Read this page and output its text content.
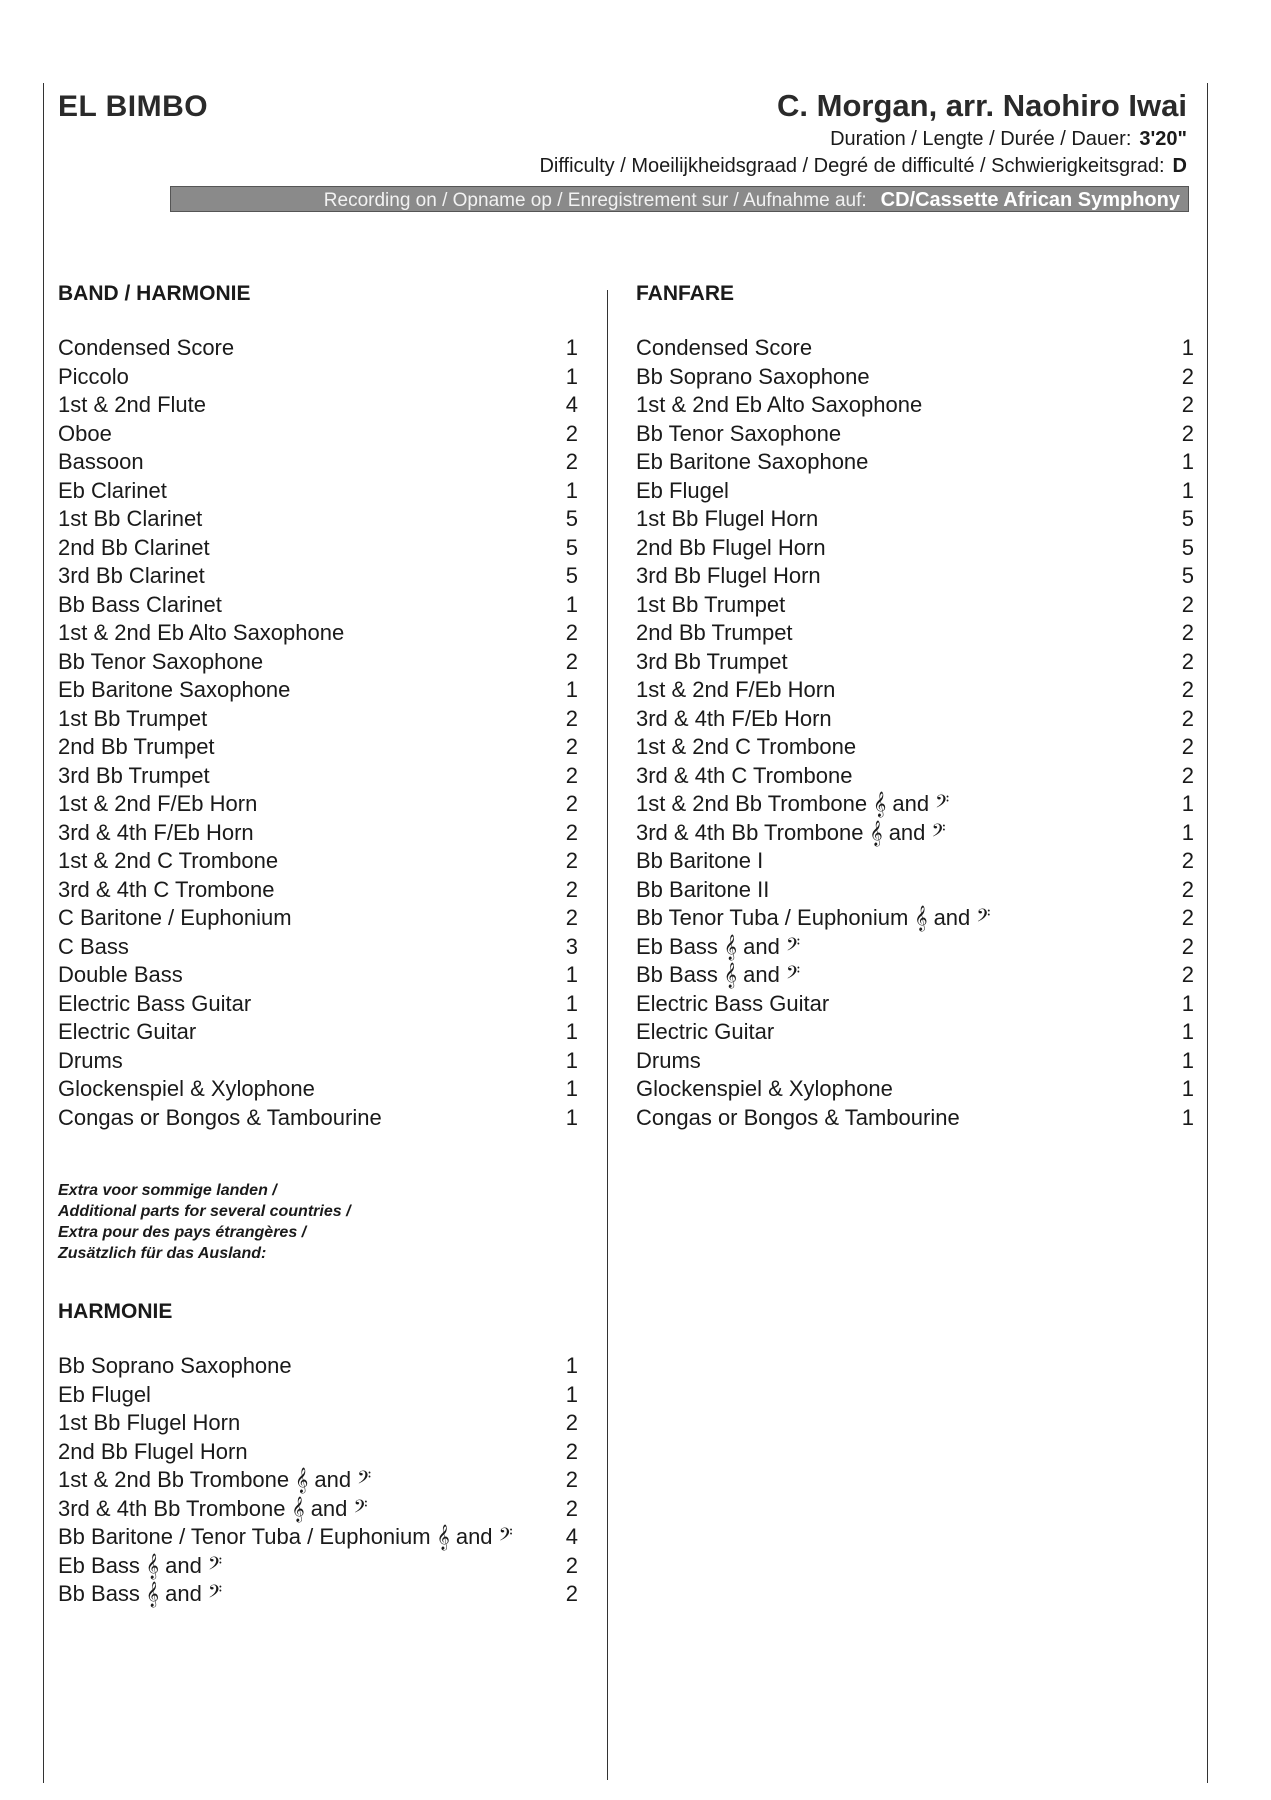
EL BIMBO	C. Morgan, arr. Naohiro Iwai
Duration / Lengte / Durée / Dauer: 3'20"
Difficulty / Moeilijkheidsgraad / Degré de difficulté / Schwierigkeitsgrad: D
Recording on / Opname op / Enregistrement sur / Aufnahme auf: CD/Cassette African Symphony
BAND / HARMONIE
Condensed Score	1
Piccolo	1
1st & 2nd Flute	4
Oboe	2
Bassoon	2
Eb Clarinet	1
1st Bb Clarinet	5
2nd Bb Clarinet	5
3rd Bb Clarinet	5
Bb Bass Clarinet	1
1st & 2nd Eb Alto Saxophone	2
Bb Tenor Saxophone	2
Eb Baritone Saxophone	1
1st Bb Trumpet	2
2nd Bb Trumpet	2
3rd Bb Trumpet	2
1st & 2nd F/Eb Horn	2
3rd & 4th F/Eb Horn	2
1st & 2nd C Trombone	2
3rd & 4th C Trombone	2
C Baritone / Euphonium	2
C Bass	3
Double Bass	1
Electric Bass Guitar	1
Electric Guitar	1
Drums	1
Glockenspiel & Xylophone	1
Congas or Bongos & Tambourine	1
FANFARE
Condensed Score	1
Bb Soprano Saxophone	2
1st & 2nd Eb Alto Saxophone	2
Bb Tenor Saxophone	2
Eb Baritone Saxophone	1
Eb Flugel	1
1st Bb Flugel Horn	5
2nd Bb Flugel Horn	5
3rd Bb Flugel Horn	5
1st Bb Trumpet	2
2nd Bb Trumpet	2
3rd Bb Trumpet	2
1st & 2nd F/Eb Horn	2
3rd & 4th F/Eb Horn	2
1st & 2nd C Trombone	2
3rd & 4th C Trombone	2
1st & 2nd Bb Trombone 𝄞 and 𝄢	1
3rd & 4th Bb Trombone 𝄞 and 𝄢	1
Bb Baritone I	2
Bb Baritone II	2
Bb Tenor Tuba / Euphonium 𝄞 and 𝄢	2
Eb Bass 𝄞 and 𝄢	2
Bb Bass 𝄞 and 𝄢	2
Electric Bass Guitar	1
Electric Guitar	1
Drums	1
Glockenspiel & Xylophone	1
Congas or Bongos & Tambourine	1
Extra voor sommige landen /
Additional parts for several countries /
Extra pour des pays étrangères /
Zusätzlich für das Ausland:
HARMONIE
Bb Soprano Saxophone	1
Eb Flugel	1
1st Bb Flugel Horn	2
2nd Bb Flugel Horn	2
1st & 2nd Bb Trombone 𝄞 and 𝄢	2
3rd & 4th Bb Trombone 𝄞 and 𝄢	2
Bb Baritone / Tenor Tuba / Euphonium 𝄞 and 𝄢	4
Eb Bass 𝄞 and 𝄢	2
Bb Bass 𝄞 and 𝄢	2
